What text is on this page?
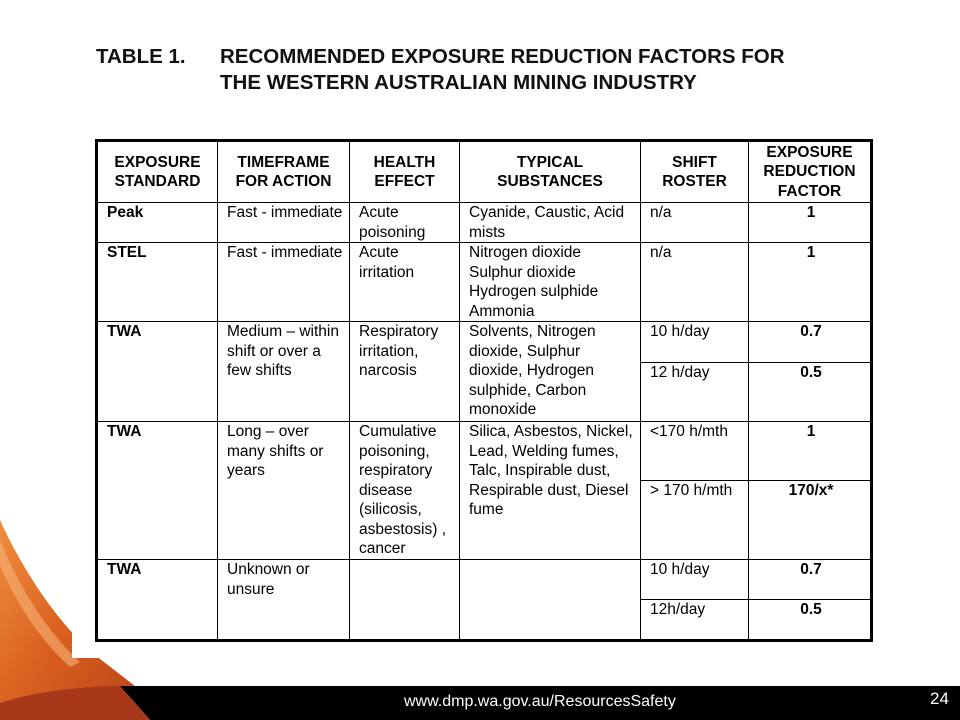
TABLE 1.	RECOMMENDED EXPOSURE REDUCTION FACTORS FOR
THE WESTERN AUSTRALIAN MINING INDUSTRY
EXPOSURE STANDARD	TIMEFRAME FOR ACTION	HEALTH EFFECT	TYPICAL SUBSTANCES	SHIFT ROSTER	EXPOSURE REDUCTION FACTOR
Peak	Fast - immediate	Acute poisoning	Cyanide, Caustic, Acid mists	n/a	1
STEL	Fast - immediate	Acute irritation	Nitrogen dioxide Sulphur dioxide Hydrogen sulphide Ammonia	n/a	1
TWA	Medium – within shift or over a few shifts	Respiratory irritation, narcosis	Solvents, Nitrogen dioxide, Sulphur dioxide, Hydrogen sulphide, Carbon monoxide	10 h/day	0.7
				12 h/day	0.5
TWA	Long – over many shifts or years	Cumulative poisoning, respiratory disease (silicosis, asbestosis) , cancer	Silica, Asbestos, Nickel, Lead, Welding fumes, Talc, Inspirable dust, Respirable dust, Diesel fume	<170 h/mth	1
				> 170 h/mth	170/x*
TWA	Unknown or unsure			10 h/day	0.7
				12h/day	0.5
www.dmp.wa.gov.au/ResourcesSafety	24
